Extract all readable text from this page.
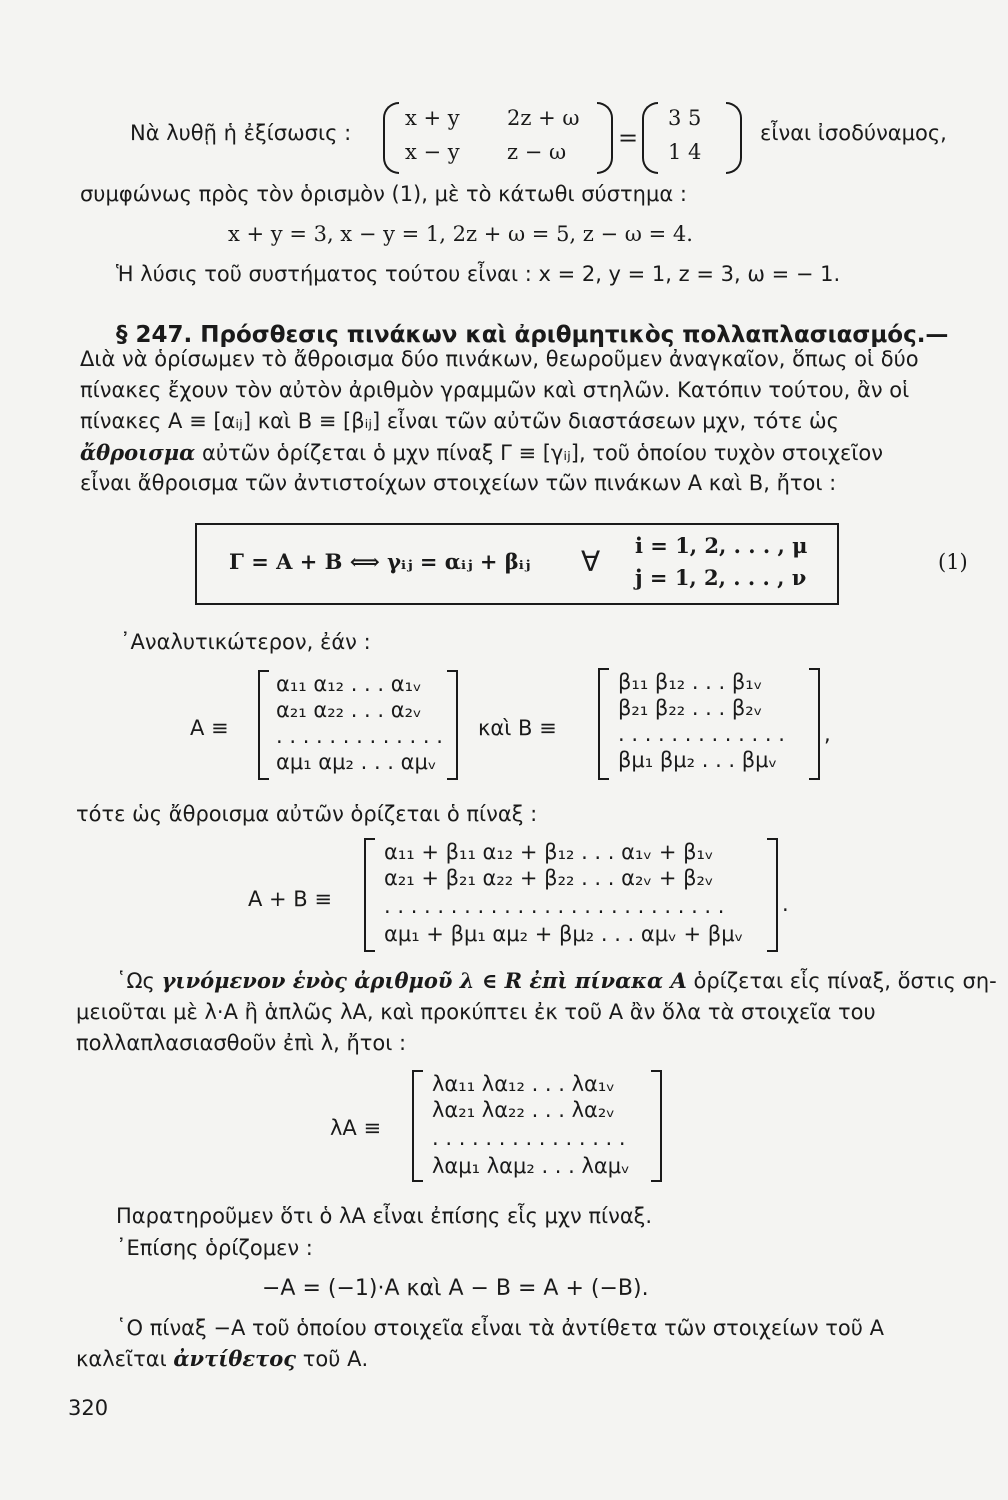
Νὰ λυθῇ ἡ ἐξίσωσις :
x + y 2z + ω
x − y z − ω =
3 5
1 4
εἶναι ἰσοδύναμος,
συμφώνως πρὸς τὸν ὁρισμὸν (1), μὲ τὸ κάτωθι σύστημα :
x + y = 3, x − y = 1, 2z + ω = 5, z − ω = 4.
Ἡ λύσις τοῦ συστήματος τούτου εἶναι : x = 2, y = 1, z = 3, ω = − 1.
§ 247. Πρόσθεσις πινάκων καὶ ἀριθμητικὸς πολλαπλασιασμός.—
Διὰ νὰ ὁρίσωμεν τὸ ἄθροισμα δύο πινάκων, θεωροῦμεν ἀναγκαῖον, ὅπως οἱ δύο
πίνακες ἔχουν τὸν αὐτὸν ἀριθμὸν γραμμῶν καὶ στηλῶν. Κατόπιν τούτου, ἂν οἱ
πίνακες Α ≡ [αᵢⱼ] καὶ Β ≡ [βᵢⱼ] εἶναι τῶν αὐτῶν διαστάσεων μχν, τότε ὡς
ἄθροισμα αὐτῶν ὁρίζεται ὁ μχν πίναξ Γ ≡ [γᵢⱼ], τοῦ ὁποίου τυχὸν στοιχεῖον
εἶναι ἄθροισμα τῶν ἀντιστοίχων στοιχείων τῶν πινάκων Α καὶ Β, ἤτοι :
Γ = Α + Β ⟺ γᵢⱼ = αᵢⱼ + βᵢⱼ ∀ i = 1, 2, . . . , μ
j = 1, 2, . . . , ν
(1)
᾿Αναλυτικώτερον, ἐάν :
Α ≡
α₁₁ α₁₂ . . . α₁ᵥ
α₂₁ α₂₂ . . . α₂ᵥ
. . . . . . . . . . . . .
αμ₁ αμ₂ . . . αμᵥ
καὶ Β ≡
β₁₁ β₁₂ . . . β₁ᵥ
β₂₁ β₂₂ . . . β₂ᵥ
. . . . . . . . . . . . .
βμ₁ βμ₂ . . . βμᵥ
,
τότε ὡς ἄθροισμα αὐτῶν ὁρίζεται ὁ πίναξ :
Α + Β ≡
α₁₁ + β₁₁ α₁₂ + β₁₂ . . . α₁ᵥ + β₁ᵥ
α₂₁ + β₂₁ α₂₂ + β₂₂ . . . α₂ᵥ + β₂ᵥ
. . . . . . . . . . . . . . . . . . . . . . . . . .
αμ₁ + βμ₁ αμ₂ + βμ₂ . . . αμᵥ + βμᵥ
.
῾Ως γινόμενον ἑνὸς ἀριθμοῦ λ ∈ R ἐπὶ πίνακα Α ὁρίζεται εἷς πίναξ, ὅστις ση-
μειοῦται μὲ λ·Α ἢ ἁπλῶς λΑ, καὶ προκύπτει ἐκ τοῦ Α ἂν ὅλα τὰ στοιχεῖα του
πολλαπλασιασθοῦν ἐπὶ λ, ἤτοι :
λΑ ≡
λα₁₁ λα₁₂ . . . λα₁ᵥ
λα₂₁ λα₂₂ . . . λα₂ᵥ
. . . . . . . . . . . . . . .
λαμ₁ λαμ₂ . . . λαμᵥ
Παρατηροῦμεν ὅτι ὁ λΑ εἶναι ἐπίσης εἷς μχν πίναξ.
᾿Επίσης ὁρίζομεν :
−Α = (−1)·Α καὶ Α − Β = Α + (−Β).
῾Ο πίναξ −Α τοῦ ὁποίου στοιχεῖα εἶναι τὰ ἀντίθετα τῶν στοιχείων τοῦ Α
καλεῖται ἀντίθετος τοῦ Α.
320
